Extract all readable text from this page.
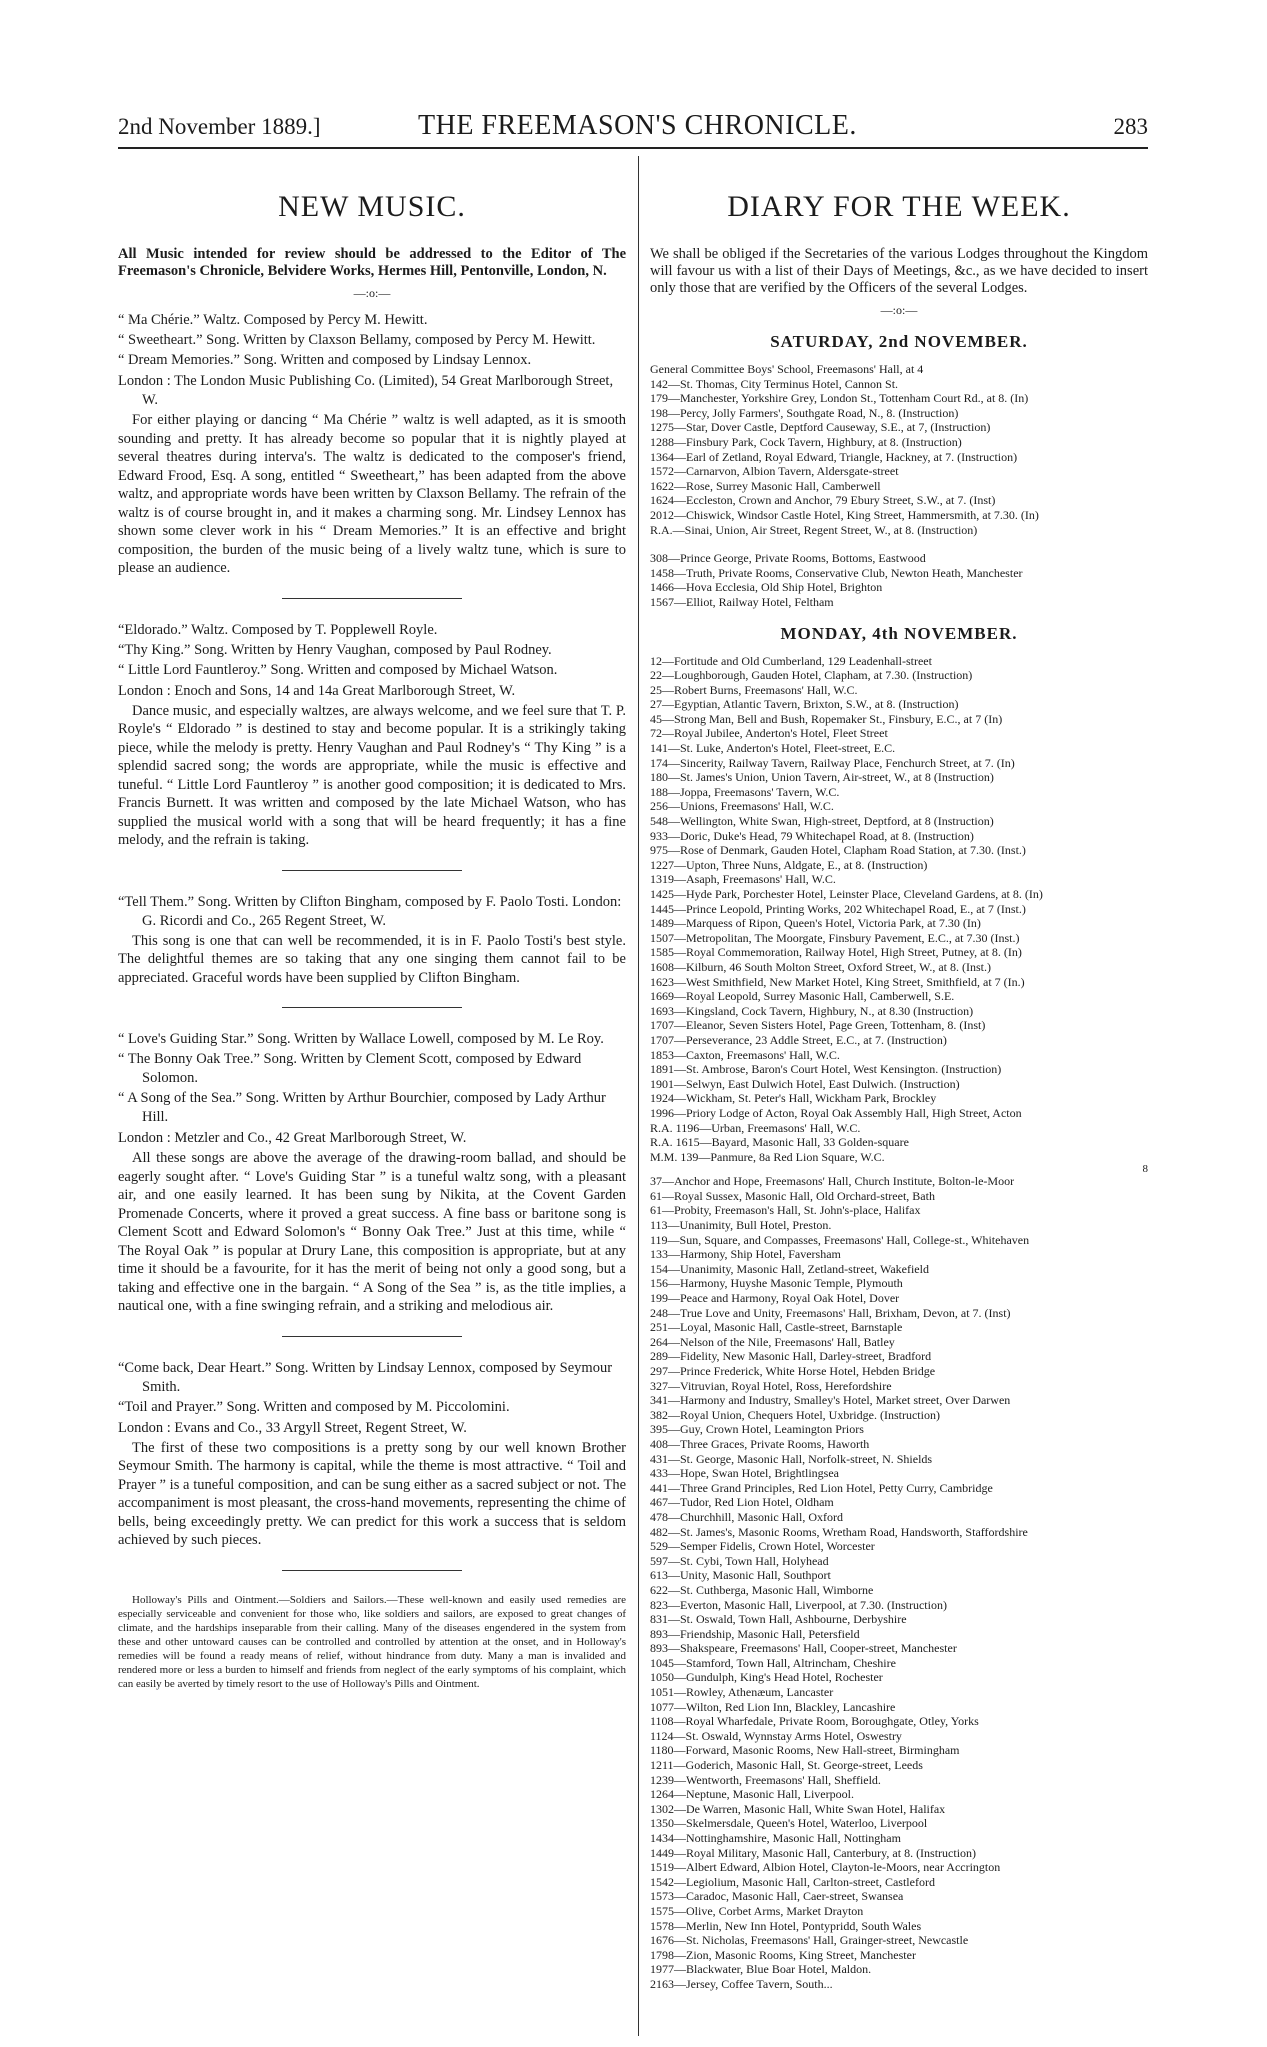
2nd November 1889.]	THE FREEMASON'S CHRONICLE.	283
NEW MUSIC.

All Music intended for review should be addressed to the Editor of The Freemason's Chronicle, Belvidere Works, Hermes Hill, Pentonville, London, N.

—:o:—

“ Ma Chérie.” Waltz. Composed by Percy M. Hewitt.

“ Sweetheart.” Song. Written by Claxson Bellamy, composed by Percy M. Hewitt.

“ Dream Memories.” Song. Written and composed by Lindsay Lennox.

London : The London Music Publishing Co. (Limited), 54 Great Marlborough Street, W.

For either playing or dancing “ Ma Chérie ” waltz is well adapted, as it is smooth sounding and pretty. It has already become so popular that it is nightly played at several theatres during interva's. The waltz is dedicated to the composer's friend, Edward Frood, Esq. A song, entitled “ Sweetheart,” has been adapted from the above waltz, and appropriate words have been written by Claxson Bellamy. The refrain of the waltz is of course brought in, and it makes a charming song. Mr. Lindsey Lennox has shown some clever work in his “ Dream Memories.” It is an effective and bright composition, the burden of the music being of a lively waltz tune, which is sure to please an audience.

“Eldorado.” Waltz. Composed by T. Popplewell Royle.

“Thy King.” Song. Written by Henry Vaughan, composed by Paul Rodney.

“ Little Lord Fauntleroy.” Song. Written and composed by Michael Watson.

London : Enoch and Sons, 14 and 14a Great Marlborough Street, W.

Dance music, and especially waltzes, are always welcome, and we feel sure that T. P. Royle's “ Eldorado ” is destined to stay and become popular. It is a strikingly taking piece, while the melody is pretty. Henry Vaughan and Paul Rodney's “ Thy King ” is a splendid sacred song; the words are appropriate, while the music is effective and tuneful. “ Little Lord Fauntleroy ” is another good composition; it is dedicated to Mrs. Francis Burnett. It was written and composed by the late Michael Watson, who has supplied the musical world with a song that will be heard frequently; it has a fine melody, and the refrain is taking.

“Tell Them.” Song. Written by Clifton Bingham, composed by F. Paolo Tosti. London: G. Ricordi and Co., 265 Regent Street, W.

This song is one that can well be recommended, it is in F. Paolo Tosti's best style. The delightful themes are so taking that any one singing them cannot fail to be appreciated. Graceful words have been supplied by Clifton Bingham.

“ Love's Guiding Star.” Song. Written by Wallace Lowell, composed by M. Le Roy.

“ The Bonny Oak Tree.” Song. Written by Clement Scott, composed by Edward Solomon.

“ A Song of the Sea.” Song. Written by Arthur Bourchier, composed by Lady Arthur Hill.

London : Metzler and Co., 42 Great Marlborough Street, W.

All these songs are above the average of the drawing-room ballad, and should be eagerly sought after. “ Love's Guiding Star ” is a tuneful waltz song, with a pleasant air, and one easily learned. It has been sung by Nikita, at the Covent Garden Promenade Concerts, where it proved a great success. A fine bass or baritone song is Clement Scott and Edward Solomon's “ Bonny Oak Tree.” Just at this time, while “ The Royal Oak ” is popular at Drury Lane, this composition is appropriate, but at any time it should be a favourite, for it has the merit of being not only a good song, but a taking and effective one in the bargain. “ A Song of the Sea ” is, as the title implies, a nautical one, with a fine swinging refrain, and a striking and melodious air.

“Come back, Dear Heart.” Song. Written by Lindsay Lennox, composed by Seymour Smith.

“Toil and Prayer.” Song. Written and composed by M. Piccolomini.

London : Evans and Co., 33 Argyll Street, Regent Street, W.

The first of these two compositions is a pretty song by our well known Brother Seymour Smith. The harmony is capital, while the theme is most attractive. “ Toil and Prayer ” is a tuneful composition, and can be sung either as a sacred subject or not. The accompaniment is most pleasant, the cross-hand movements, representing the chime of bells, being exceedingly pretty. We can predict for this work a success that is seldom achieved by such pieces.

Holloway's Pills and Ointment.—Soldiers and Sailors.—These well-known and easily used remedies are especially serviceable and convenient for those who, like soldiers and sailors, are exposed to great changes of climate, and the hardships inseparable from their calling. Many of the diseases engendered in the system from these and other untoward causes can be controlled and controlled by attention at the onset, and in Holloway's remedies will be found a ready means of relief, without hindrance from duty. Many a man is invalided and rendered more or less a burden to himself and friends from neglect of the early symptoms of his complaint, which can easily be averted by timely resort to the use of Holloway's Pills and Ointment.

DIARY FOR THE WEEK.

We shall be obliged if the Secretaries of the various Lodges throughout the Kingdom will favour us with a list of their Days of Meetings, &c., as we have decided to insert only those that are verified by the Officers of the several Lodges.

—:o:—
SATURDAY, 2nd NOVEMBER.
General Committee Boys' School, Freemasons' Hall, at 4
142—St. Thomas, City Terminus Hotel, Cannon St.
179—Manchester, Yorkshire Grey, London St., Tottenham Court Rd., at 8. (In)
198—Percy, Jolly Farmers', Southgate Road, N., 8. (Instruction)
1275—Star, Dover Castle, Deptford Causeway, S.E., at 7, (Instruction)
1288—Finsbury Park, Cock Tavern, Highbury, at 8. (Instruction)
1364—Earl of Zetland, Royal Edward, Triangle, Hackney, at 7. (Instruction)
1572—Carnarvon, Albion Tavern, Aldersgate-street
1622—Rose, Surrey Masonic Hall, Camberwell
1624—Eccleston, Crown and Anchor, 79 Ebury Street, S.W., at 7. (Inst)
2012—Chiswick, Windsor Castle Hotel, King Street, Hammersmith, at 7.30. (In)
R.A.—Sinai, Union, Air Street, Regent Street, W., at 8. (Instruction)
308—Prince George, Private Rooms, Bottoms, Eastwood
1458—Truth, Private Rooms, Conservative Club, Newton Heath, Manchester
1466—Hova Ecclesia, Old Ship Hotel, Brighton
1567—Elliot, Railway Hotel, Feltham
MONDAY, 4th NOVEMBER.
12—Fortitude and Old Cumberland, 129 Leadenhall-street
22—Loughborough, Gauden Hotel, Clapham, at 7.30. (Instruction)
25—Robert Burns, Freemasons' Hall, W.C.
27—Egyptian, Atlantic Tavern, Brixton, S.W., at 8. (Instruction)
45—Strong Man, Bell and Bush, Ropemaker St., Finsbury, E.C., at 7 (In)
72—Royal Jubilee, Anderton's Hotel, Fleet Street
141—St. Luke, Anderton's Hotel, Fleet-street, E.C.
174—Sincerity, Railway Tavern, Railway Place, Fenchurch Street, at 7. (In)
180—St. James's Union, Union Tavern, Air-street, W., at 8 (Instruction)
188—Joppa, Freemasons' Tavern, W.C.
256—Unions, Freemasons' Hall, W.C.
548—Wellington, White Swan, High-street, Deptford, at 8 (Instruction)
933—Doric, Duke's Head, 79 Whitechapel Road, at 8. (Instruction)
975—Rose of Denmark, Gauden Hotel, Clapham Road Station, at 7.30. (Inst.)
1227—Upton, Three Nuns, Aldgate, E., at 8. (Instruction)
1319—Asaph, Freemasons' Hall, W.C.
1425—Hyde Park, Porchester Hotel, Leinster Place, Cleveland Gardens, at 8. (In)
1445—Prince Leopold, Printing Works, 202 Whitechapel Road, E., at 7 (Inst.)
1489—Marquess of Ripon, Queen's Hotel, Victoria Park, at 7.30 (In)
1507—Metropolitan, The Moorgate, Finsbury Pavement, E.C., at 7.30 (Inst.)
1585—Royal Commemoration, Railway Hotel, High Street, Putney, at 8. (In)
1608—Kilburn, 46 South Molton Street, Oxford Street, W., at 8. (Inst.)
1623—West Smithfield, New Market Hotel, King Street, Smithfield, at 7 (In.)
1669—Royal Leopold, Surrey Masonic Hall, Camberwell, S.E.
1693—Kingsland, Cock Tavern, Highbury, N., at 8.30 (Instruction)
1707—Eleanor, Seven Sisters Hotel, Page Green, Tottenham, 8. (Inst)
1707—Perseverance, 23 Addle Street, E.C., at 7. (Instruction)
1853—Caxton, Freemasons' Hall, W.C.
1891—St. Ambrose, Baron's Court Hotel, West Kensington. (Instruction)
1901—Selwyn, East Dulwich Hotel, East Dulwich. (Instruction)
1924—Wickham, St. Peter's Hall, Wickham Park, Brockley
1996—Priory Lodge of Acton, Royal Oak Assembly Hall, High Street, Acton
R.A. 1196—Urban, Freemasons' Hall, W.C.
R.A. 1615—Bayard, Masonic Hall, 33 Golden-square
M.M. 139—Panmure, 8a Red Lion Square, W.C.
8
37—Anchor and Hope, Freemasons' Hall, Church Institute, Bolton-le-Moor
61—Royal Sussex, Masonic Hall, Old Orchard-street, Bath
61—Probity, Freemason's Hall, St. John's-place, Halifax
113—Unanimity, Bull Hotel, Preston.
119—Sun, Square, and Compasses, Freemasons' Hall, College-st., Whitehaven
133—Harmony, Ship Hotel, Faversham
154—Unanimity, Masonic Hall, Zetland-street, Wakefield
156—Harmony, Huyshe Masonic Temple, Plymouth
199—Peace and Harmony, Royal Oak Hotel, Dover
248—True Love and Unity, Freemasons' Hall, Brixham, Devon, at 7. (Inst)
251—Loyal, Masonic Hall, Castle-street, Barnstaple
264—Nelson of the Nile, Freemasons' Hall, Batley
289—Fidelity, New Masonic Hall, Darley-street, Bradford
297—Prince Frederick, White Horse Hotel, Hebden Bridge
327—Vitruvian, Royal Hotel, Ross, Herefordshire
341—Harmony and Industry, Smalley's Hotel, Market street, Over Darwen
382—Royal Union, Chequers Hotel, Uxbridge. (Instruction)
395—Guy, Crown Hotel, Leamington Priors
408—Three Graces, Private Rooms, Haworth
431—St. George, Masonic Hall, Norfolk-street, N. Shields
433—Hope, Swan Hotel, Brightlingsea
441—Three Grand Principles, Red Lion Hotel, Petty Curry, Cambridge
467—Tudor, Red Lion Hotel, Oldham
478—Churchhill, Masonic Hall, Oxford
482—St. James's, Masonic Rooms, Wretham Road, Handsworth, Staffordshire
529—Semper Fidelis, Crown Hotel, Worcester
597—St. Cybi, Town Hall, Holyhead
613—Unity, Masonic Hall, Southport
622—St. Cuthberga, Masonic Hall, Wimborne
823—Everton, Masonic Hall, Liverpool, at 7.30. (Instruction)
831—St. Oswald, Town Hall, Ashbourne, Derbyshire
893—Friendship, Masonic Hall, Petersfield
893—Shakspeare, Freemasons' Hall, Cooper-street, Manchester
1045—Stamford, Town Hall, Altrincham, Cheshire
1050—Gundulph, King's Head Hotel, Rochester
1051—Rowley, Athenæum, Lancaster
1077—Wilton, Red Lion Inn, Blackley, Lancashire
1108—Royal Wharfedale, Private Room, Boroughgate, Otley, Yorks
1124—St. Oswald, Wynnstay Arms Hotel, Oswestry
1180—Forward, Masonic Rooms, New Hall-street, Birmingham
1211—Goderich, Masonic Hall, St. George-street, Leeds
1239—Wentworth, Freemasons' Hall, Sheffield.
1264—Neptune, Masonic Hall, Liverpool.
1302—De Warren, Masonic Hall, White Swan Hotel, Halifax
1350—Skelmersdale, Queen's Hotel, Waterloo, Liverpool
1434—Nottinghamshire, Masonic Hall, Nottingham
1449—Royal Military, Masonic Hall, Canterbury, at 8. (Instruction)
1519—Albert Edward, Albion Hotel, Clayton-le-Moors, near Accrington
1542—Legiolium, Masonic Hall, Carlton-street, Castleford
1573—Caradoc, Masonic Hall, Caer-street, Swansea
1575—Olive, Corbet Arms, Market Drayton
1578—Merlin, New Inn Hotel, Pontypridd, South Wales
1676—St. Nicholas, Freemasons' Hall, Grainger-street, Newcastle
1798—Zion, Masonic Rooms, King Street, Manchester
1977—Blackwater, Blue Boar Hotel, Maldon.
2163—Jersey, Coffee Tavern, South...
